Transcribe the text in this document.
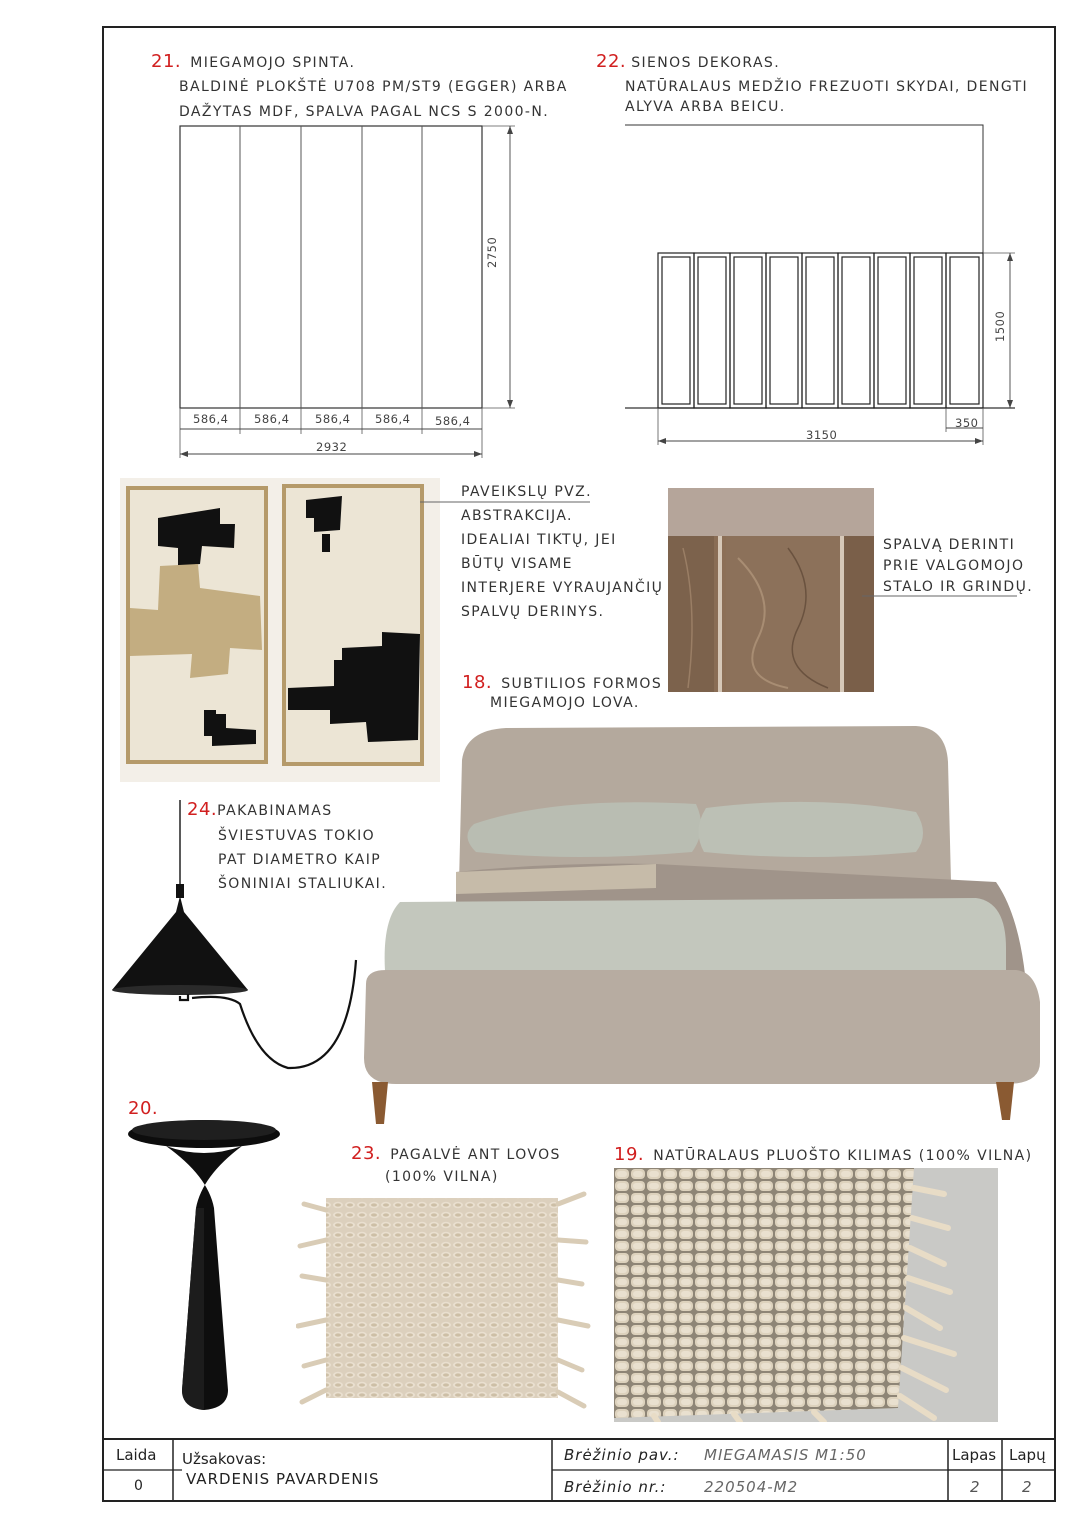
21. MIEGAMOJO SPINTA.
BALDINĖ PLOKŠTĖ U708 PM/ST9 (EGGER) ARBA
DAŽYTAS MDF, SPALVA PAGAL NCS S 2000-N.
586,4 586,4 586,4 586,4 586,4
2932
2750
22. SIENOS DEKORAS.
NATŪRALAUS MEDŽIO FREZUOTI SKYDAI, DENGTI
ALYVA ARBA BEICU.
3150
350
1500
PAVEIKSLŲ PVZ.
ABSTRAKCIJA.
IDEALIAI TIKTŲ, JEI
BŪTŲ VISAME
INTERJERE VYRAUJANČIŲ
SPALVŲ DERINYS.
SPALVĄ DERINTI
PRIE VALGOMOJO
STALO IR GRINDŲ.
18. SUBTILIOS FORMOS
MIEGAMOJO LOVA.
24.PAKABINAMAS
ŠVIESTUVAS TOKIO
PAT DIAMETRO KAIP
ŠONINIAI STALIUKAI.
20.
23. PAGALVĖ ANT LOVOS
(100% VILNA)
19. NATŪRALAUS PLUOŠTO KILIMAS (100% VILNA)
Laida
0
Užsakovas:
VARDENIS PAVARDENIS
Brėžinio pav.: MIEGAMASIS M1:50
Brėžinio nr.:	220504-M2
Lapas
2
Lapų
2
